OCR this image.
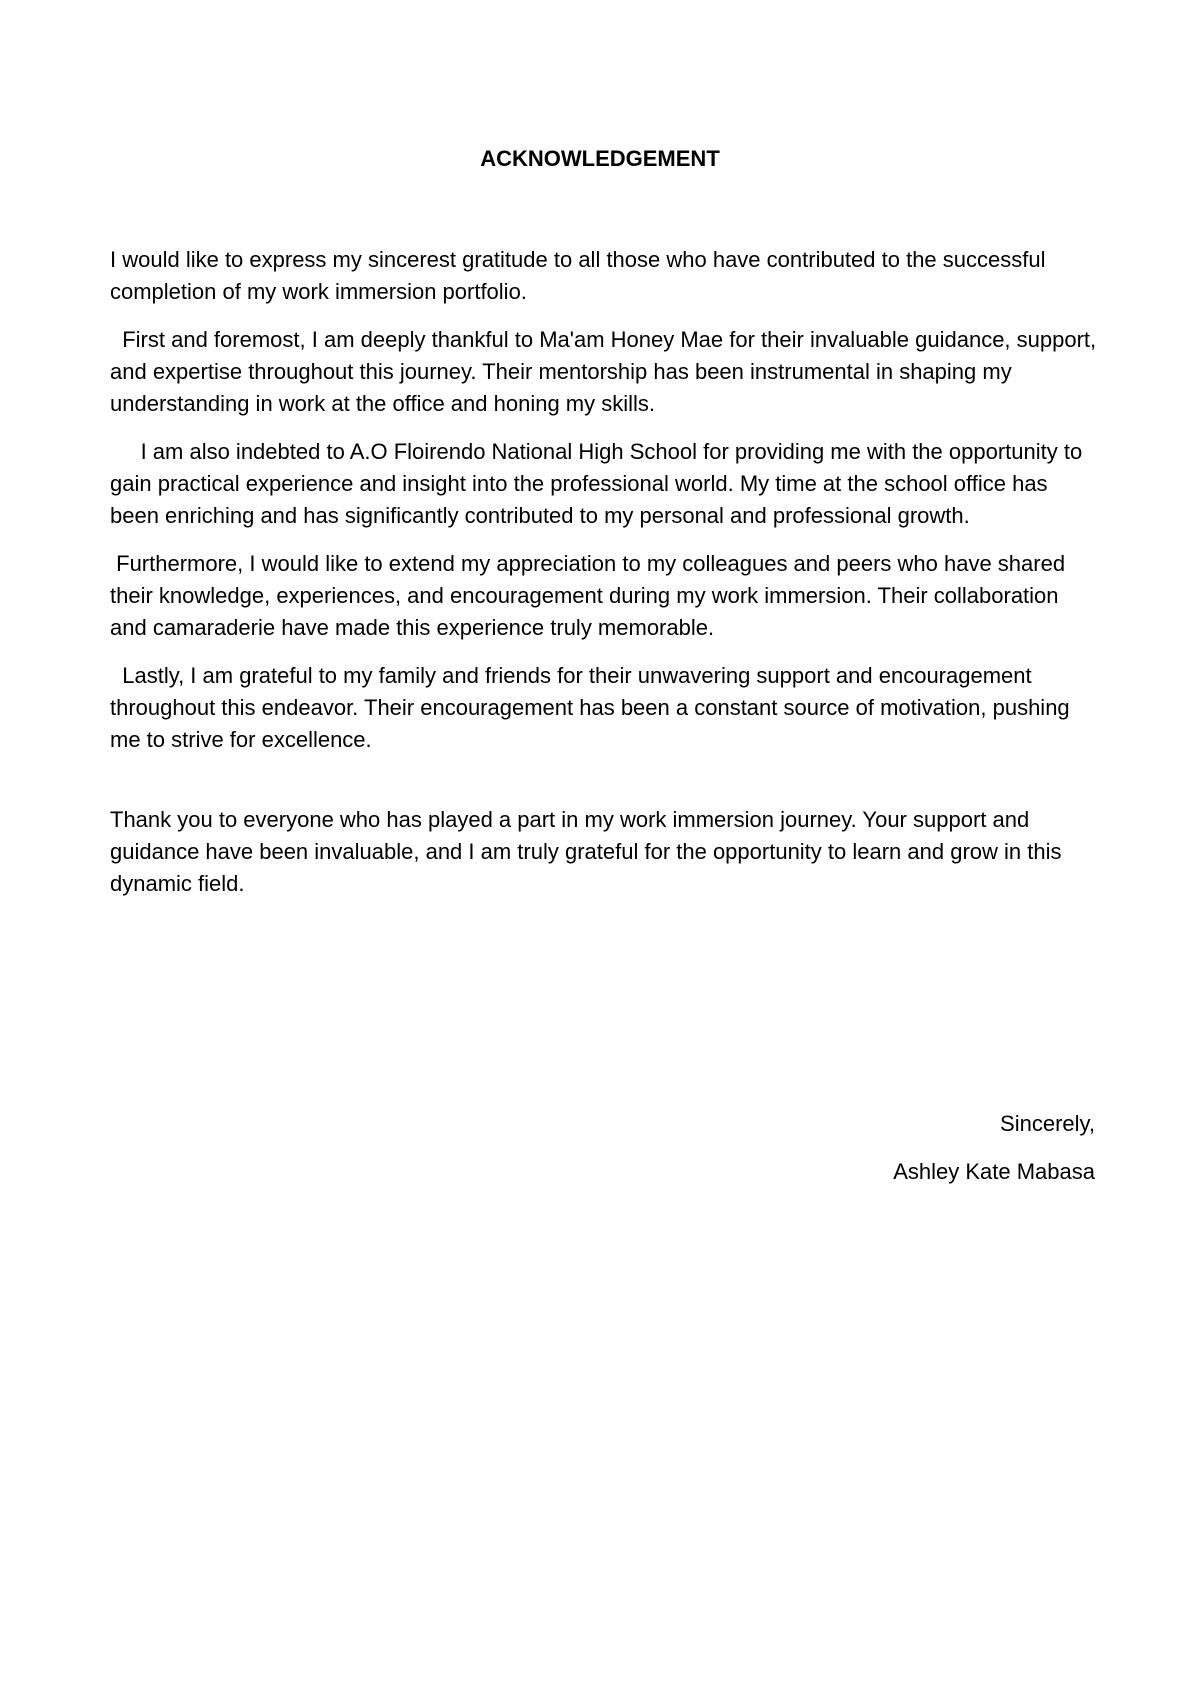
ACKNOWLEDGEMENT

I would like to express my sincerest gratitude to all those who have contributed to the successful completion of my work immersion portfolio.

First and foremost, I am deeply thankful to Ma'am Honey Mae for their invaluable guidance, support, and expertise throughout this journey. Their mentorship has been instrumental in shaping my understanding in work at the office and honing my skills.

I am also indebted to A.O Floirendo National High School for providing me with the opportunity to gain practical experience and insight into the professional world. My time at the school office has been enriching and has significantly contributed to my personal and professional growth.

Furthermore, I would like to extend my appreciation to my colleagues and peers who have shared their knowledge, experiences, and encouragement during my work immersion. Their collaboration and camaraderie have made this experience truly memorable.

Lastly, I am grateful to my family and friends for their unwavering support and encouragement throughout this endeavor. Their encouragement has been a constant source of motivation, pushing me to strive for excellence.

Thank you to everyone who has played a part in my work immersion journey. Your support and guidance have been invaluable, and I am truly grateful for the opportunity to learn and grow in this dynamic field.

Sincerely,
Ashley Kate Mabasa
